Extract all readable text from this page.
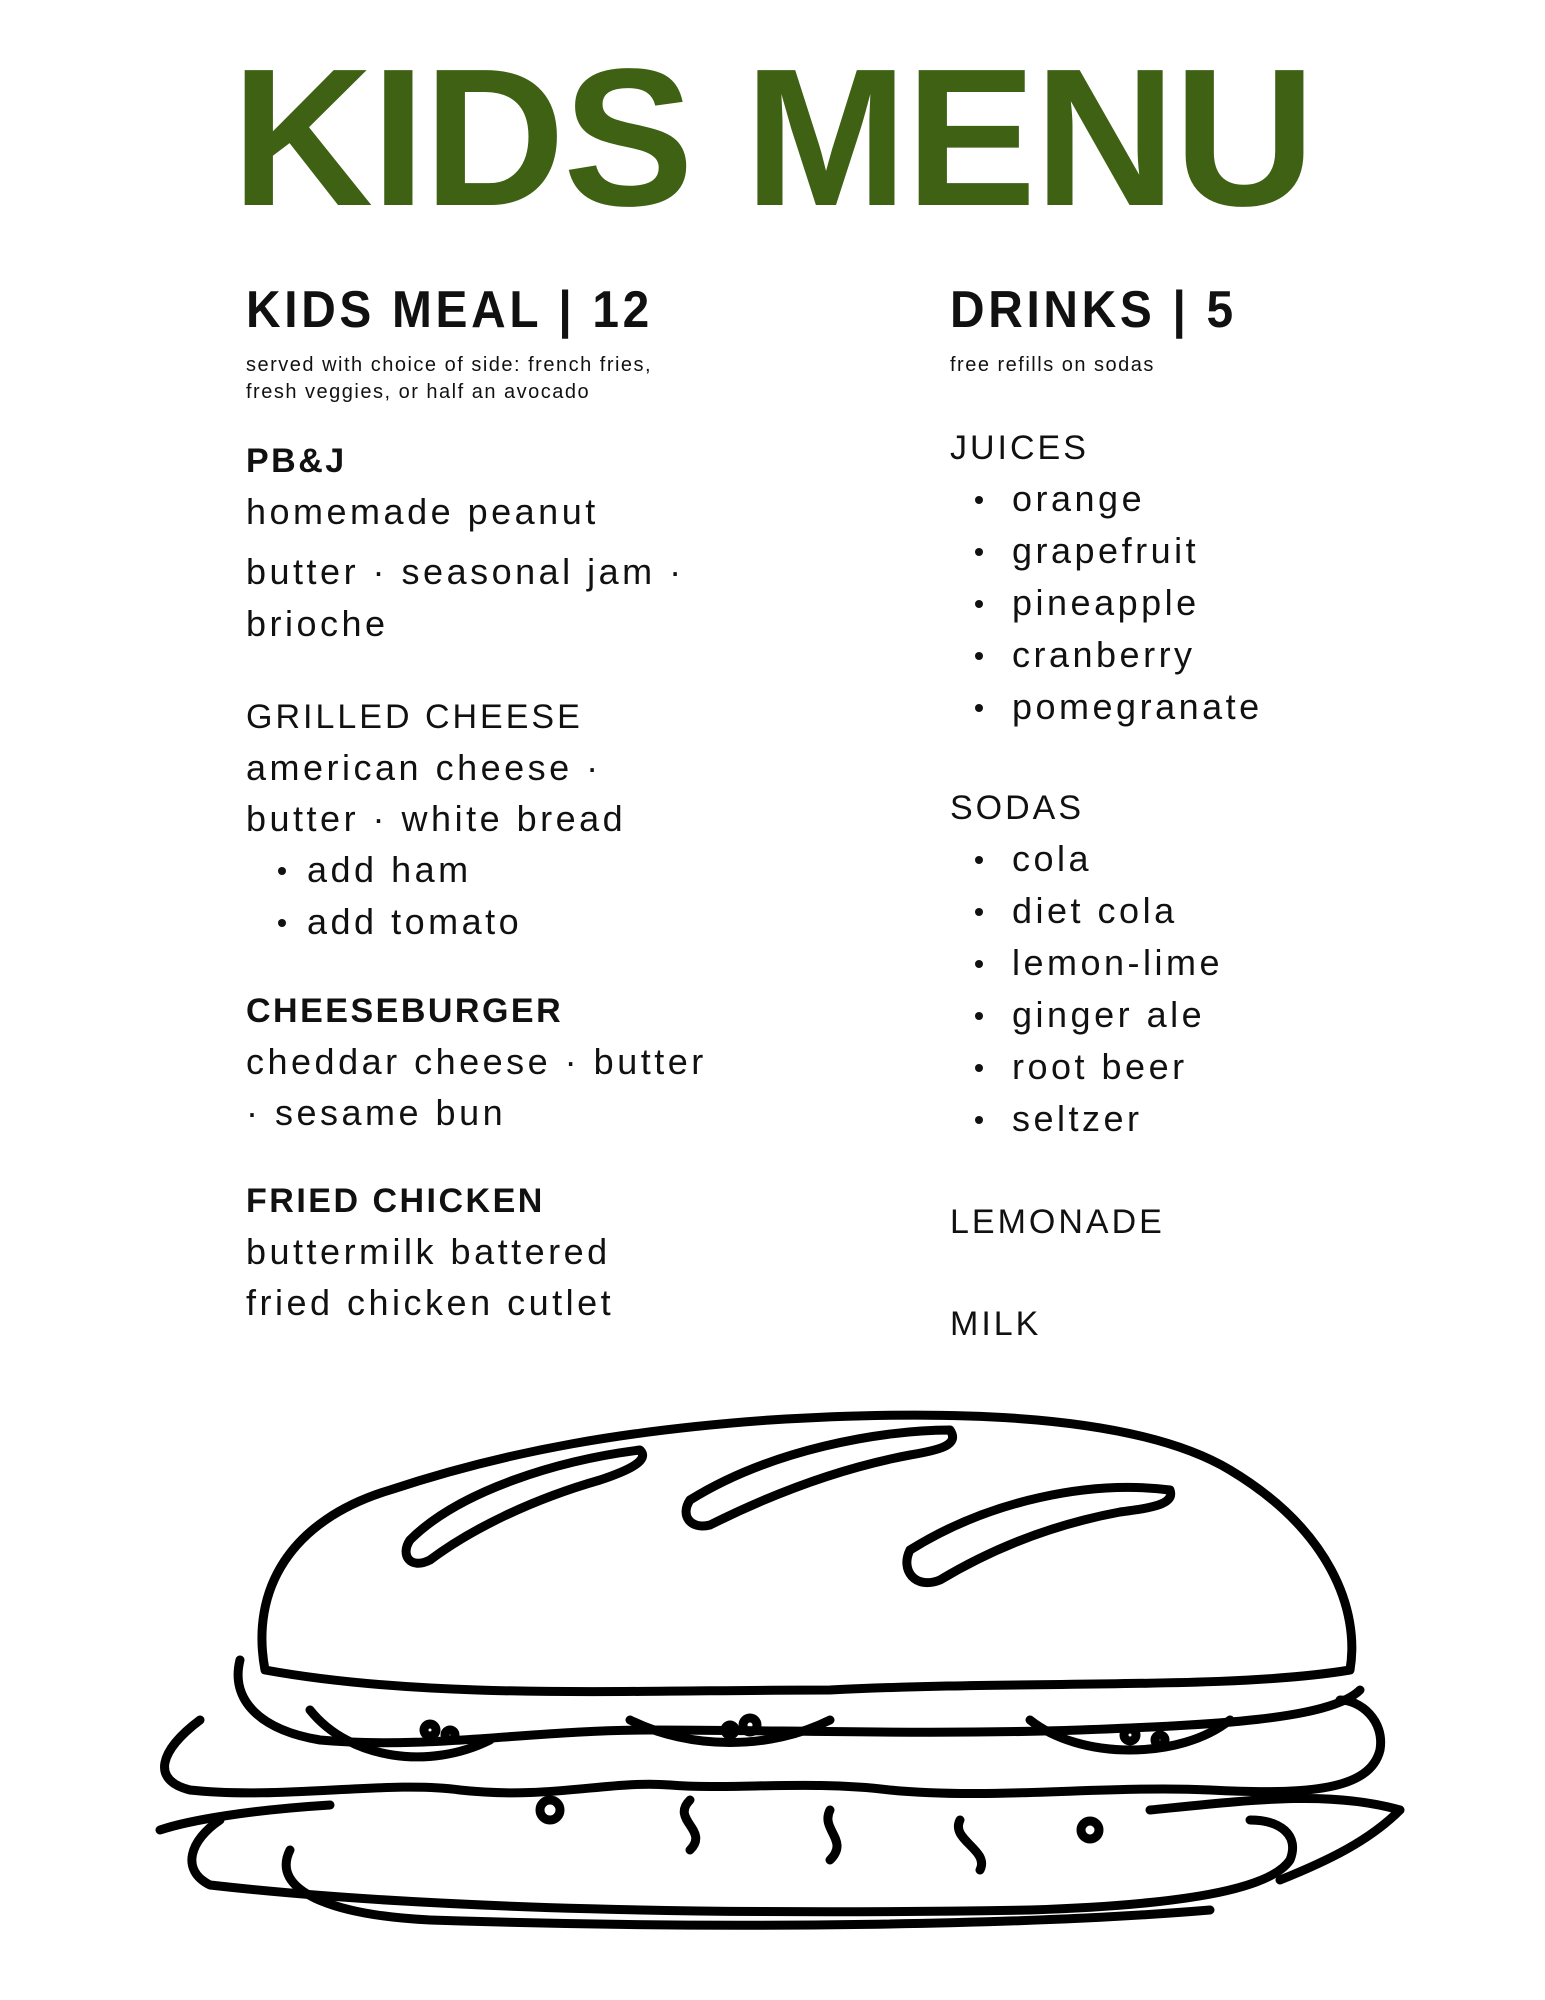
KIDS MENU
KIDS MEAL | 12
served with choice of side: french fries,
fresh veggies, or half an avocado
PB&J
homemade peanut
butter · seasonal jam ·
brioche
GRILLED CHEESE
american cheese ·
butter · white bread
add ham
add tomato
CHEESEBURGER
cheddar cheese · butter
· sesame bun
FRIED CHICKEN
buttermilk battered
fried chicken cutlet
DRINKS | 5
free refills on sodas
JUICES
orange
grapefruit
pineapple
cranberry
pomegranate
SODAS
cola
diet cola
lemon-lime
ginger ale
root beer
seltzer
LEMONADE
MILK
